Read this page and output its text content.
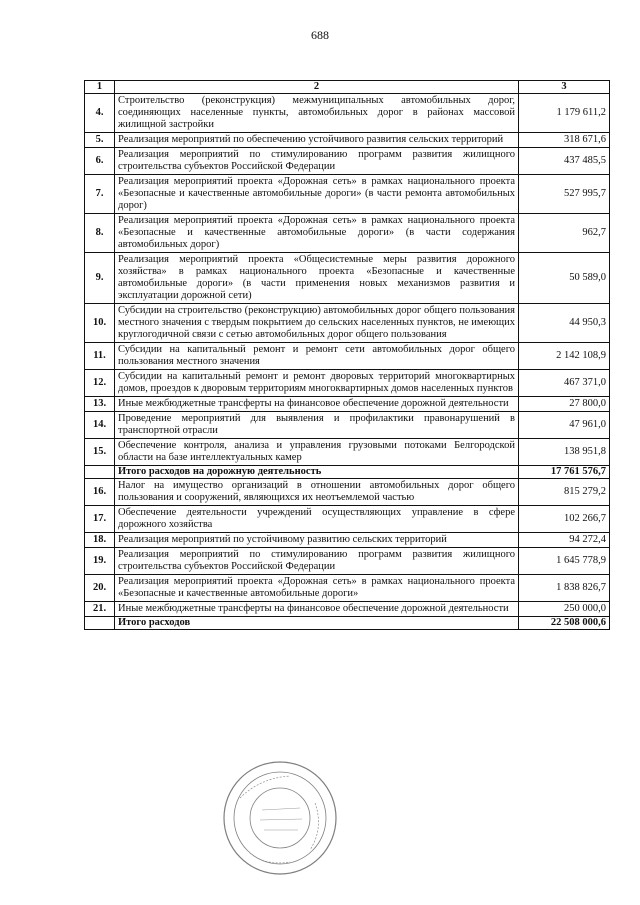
688
1	2	3
4.	Строительство (реконструкция) межмуниципальных автомобильных дорог, соединяющих населенные пункты, автомобильных дорог в районах массовой жилищной застройки	1 179 611,2
5.	Реализация мероприятий по обеспечению устойчивого развития сельских территорий	318 671,6
6.	Реализация мероприятий по стимулированию программ развития жилищного строительства субъектов Российской Федерации	437 485,5
7.	Реализация мероприятий проекта «Дорожная сеть» в рамках национального проекта «Безопасные и качественные автомобильные дороги» (в части ремонта автомобильных дорог)	527 995,7
8.	Реализация мероприятий проекта «Дорожная сеть» в рамках национального проекта «Безопасные и качественные автомобильные дороги» (в части содержания автомобильных дорог)	962,7
9.	Реализация мероприятий проекта «Общесистемные меры развития дорожного хозяйства» в рамках национального проекта «Безопасные и качественные автомобильные дороги» (в части применения новых механизмов развития и эксплуатации дорожной сети)	50 589,0
10.	Субсидии на строительство (реконструкцию) автомобильных дорог общего пользования местного значения с твердым покрытием до сельских населенных пунктов, не имеющих круглогодичной связи с сетью автомобильных дорог общего пользования	44 950,3
11.	Субсидии на капитальный ремонт и ремонт сети автомобильных дорог общего пользования местного значения	2 142 108,9
12.	Субсидии на капитальный ремонт и ремонт дворовых территорий многоквартирных домов, проездов к дворовым территориям многоквартирных домов населенных пунктов	467 371,0
13.	Иные межбюджетные трансферты на финансовое обеспечение дорожной деятельности	27 800,0
14.	Проведение мероприятий для выявления и профилактики правонарушений в транспортной отрасли	47 961,0
15.	Обеспечение контроля, анализа и управления грузовыми потоками Белгородской области на базе интеллектуальных камер	138 951,8
	Итого расходов на дорожную деятельность	17 761 576,7
16.	Налог на имущество организаций в отношении автомобильных дорог общего пользования и сооружений, являющихся их неотъемлемой частью	815 279,2
17.	Обеспечение деятельности учреждений осуществляющих управление в сфере дорожного хозяйства	102 266,7
18.	Реализация мероприятий по устойчивому развитию сельских территорий	94 272,4
19.	Реализация мероприятий по стимулированию программ развития жилищного строительства субъектов Российской Федерации	1 645 778,9
20.	Реализация мероприятий проекта «Дорожная сеть» в рамках национального проекта «Безопасные и качественные автомобильные дороги»	1 838 826,7
21.	Иные межбюджетные трансферты на финансовое обеспечение дорожной деятельности	250 000,0
	Итого расходов	22 508 000,6
